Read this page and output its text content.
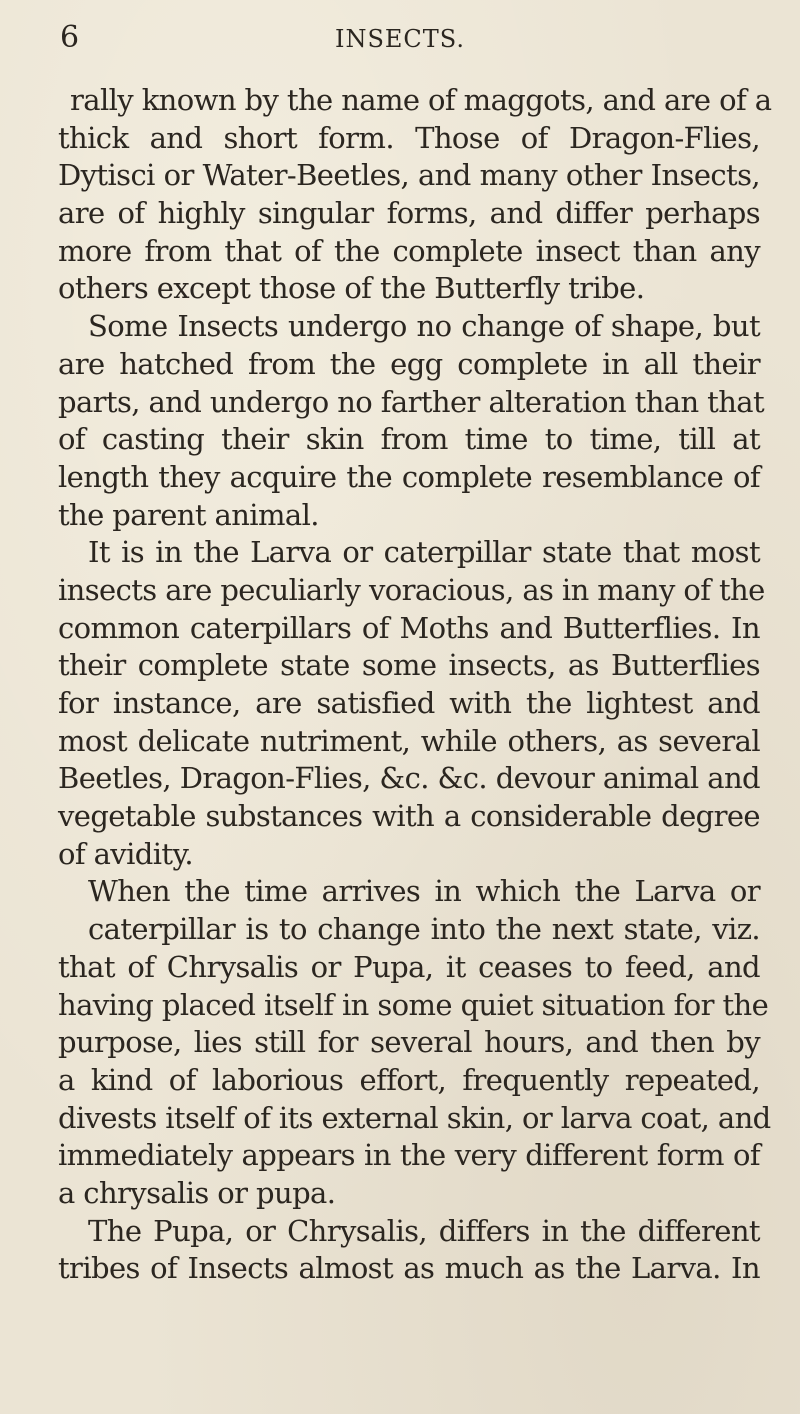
6	INSECTS.
rally known by the name of maggots, and are of a
thick and short form. Those of Dragon-Flies,
Dytisci or Water-Beetles, and many other Insects,
are of highly singular forms, and differ perhaps
more from that of the complete insect than any
others except those of the Butterfly tribe.
Some Insects undergo no change of shape, but
are hatched from the egg complete in all their
parts, and undergo no farther alteration than that
of casting their skin from time to time, till at
length they acquire the complete resemblance of
the parent animal.
It is in the Larva or caterpillar state that most
insects are peculiarly voracious, as in many of the
common caterpillars of Moths and Butterflies. In
their complete state some insects, as Butterflies
for instance, are satisfied with the lightest and
most delicate nutriment, while others, as several
Beetles, Dragon-Flies, &c. &c. devour animal and
vegetable substances with a considerable degree
of avidity.
When the time arrives in which the Larva or
caterpillar is to change into the next state, viz.
that of Chrysalis or Pupa, it ceases to feed, and
having placed itself in some quiet situation for the
purpose, lies still for several hours, and then by
a kind of laborious effort, frequently repeated,
divests itself of its external skin, or larva coat, and
immediately appears in the very different form of
a chrysalis or pupa.
The Pupa, or Chrysalis, differs in the different
tribes of Insects almost as much as the Larva. In
